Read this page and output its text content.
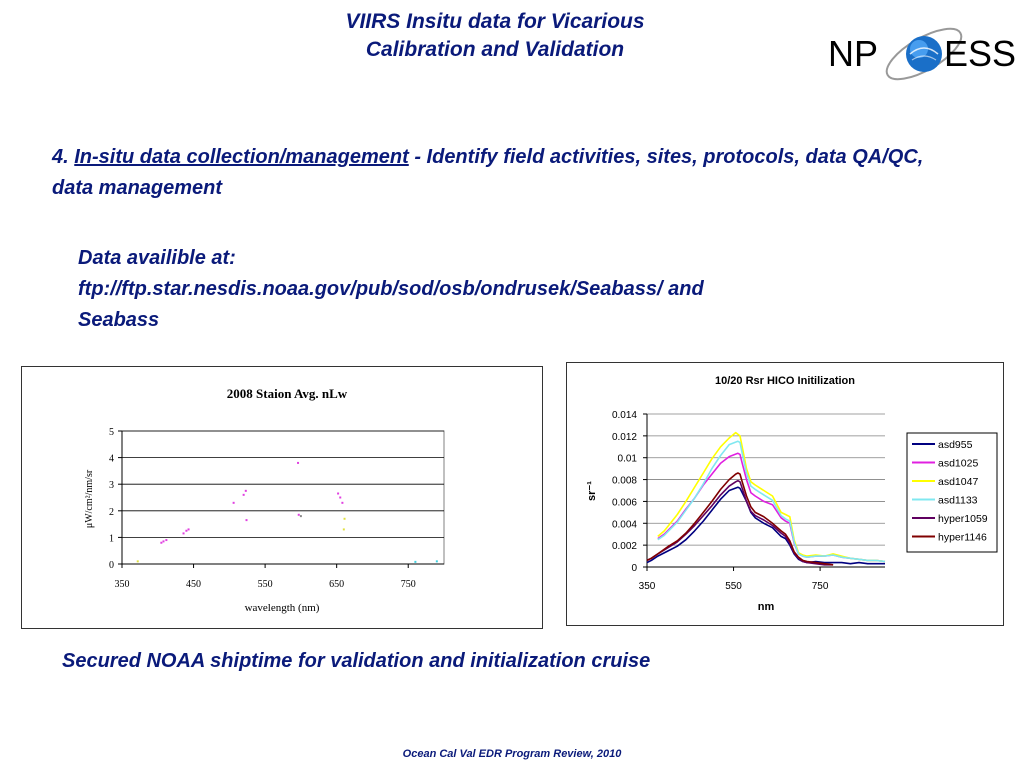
VIIRS Insitu data for Vicarious
Calibration and Validation	NP ESS
4. In-situ data collection/management - Identify field activities, sites, protocols, data QA/QC, data management
Data availible at:
ftp://ftp.star.nesdis.noaa.gov/pub/sod/osb/ondrusek/Seabass/ and
Seabass
2008 Staion Avg. nLw
wavelength (nm)
μW/cm²/nm/sr
0
1
2
3
4
5
350	450	550	650	750
10/20 Rsr HICO Initilization
nm
sr⁻¹
0
0.002
0.004
0.006
0.008
0.01
0.012
0.014
350	550	750
asd955
asd1025
asd1047
asd1133
hyper1059
hyper1146
Secured NOAA shiptime for validation and initialization cruise
Ocean Cal Val EDR Program Review, 2010
